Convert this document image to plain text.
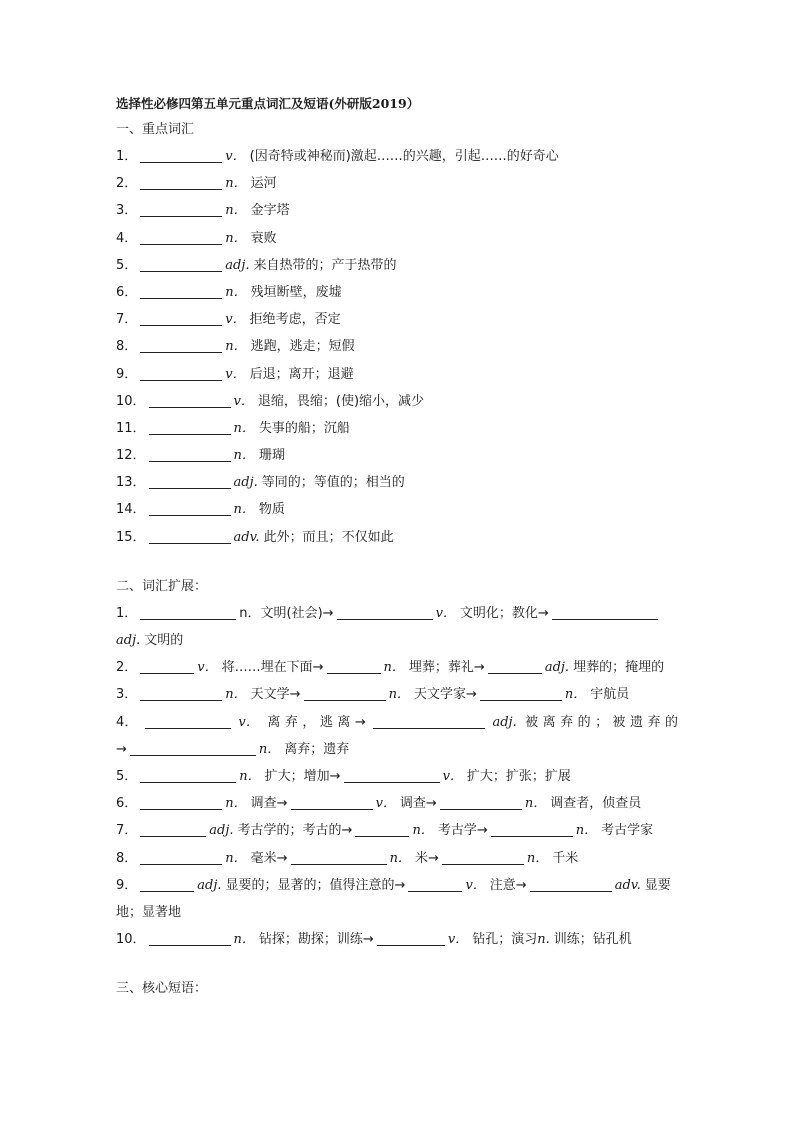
选择性必修四第五单元重点词汇及短语(外研版2019）
一、重点词汇
1．	v． (因奇特或神秘而)激起……的兴趣，引起……的好奇心
2．	n． 运河
3．	n． 金字塔
4．	n． 衰败
5．	adj. 来自热带的；产于热带的
6．	n． 残垣断壁，废墟
7．	v． 拒绝考虑，否定
8．	n． 逃跑，逃走；短假
9．	v． 后退；离开；退避
10．	v． 退缩，畏缩；(使)缩小，减少
11．	n． 失事的船；沉船
12．	n． 珊瑚
13．	adj. 等同的；等值的；相当的
14．	n． 物质
15．	adv. 此外；而且；不仅如此
二、词汇扩展：
1．	n．文明(社会)→	v． 文明化；教化→
adj. 文明的
2．	v． 将……埋在下面→	n． 埋葬；葬礼→	adj. 埋葬的；掩埋的
3．	n． 天文学→	n． 天文学家→	n． 宇航员
4．	v． 离 弃 ， 逃 离 →	adj. 被 离 弃 的 ； 被 遗 弃 的
→	n． 离弃；遗弃
5．	n． 扩大；增加→	v． 扩大；扩张；扩展
6．	n． 调查→	v． 调查→	n． 调查者，侦查员
7．	adj. 考古学的；考古的→	n． 考古学→	n． 考古学家
8．	n． 毫米→	n． 米→	n． 千米
9．	adj. 显要的；显著的；值得注意的→	v． 注意→	adv. 显要
地；显著地
10．	n． 钻探；勘探；训练→	v． 钻孔；演习n. 训练；钻孔机
三、核心短语：
